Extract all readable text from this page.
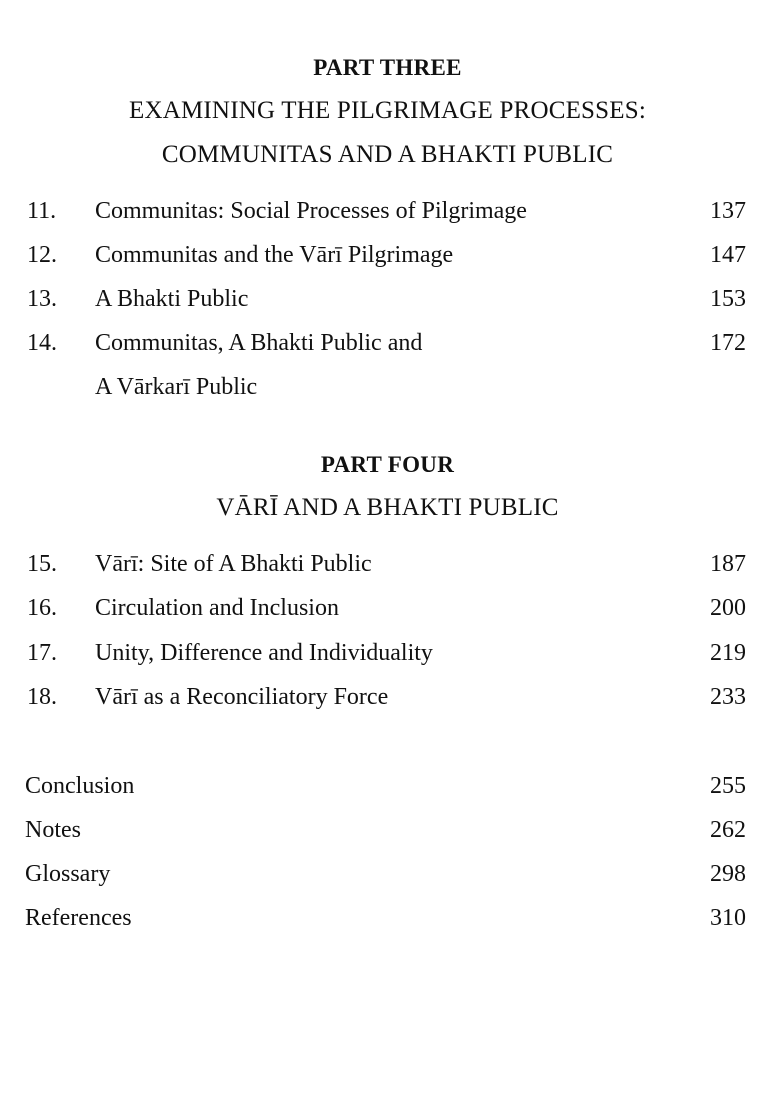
PART THREE
EXAMINING THE PILGRIMAGE PROCESSES:
COMMUNITAS AND A BHAKTI PUBLIC
11. Communitas: Social Processes of Pilgrimage	137
12. Communitas and the Vārī Pilgrimage	147
13. A Bhakti Public	153
14. Communitas, A Bhakti Public and	172
A Vārkarī Public
PART FOUR
VĀRĪ AND A BHAKTI PUBLIC
15. Vārī: Site of A Bhakti Public	187
16. Circulation and Inclusion	200
17. Unity, Difference and Individuality	219
18. Vārī as a Reconciliatory Force	233
Conclusion	255
Notes	262
Glossary	298
References	310
